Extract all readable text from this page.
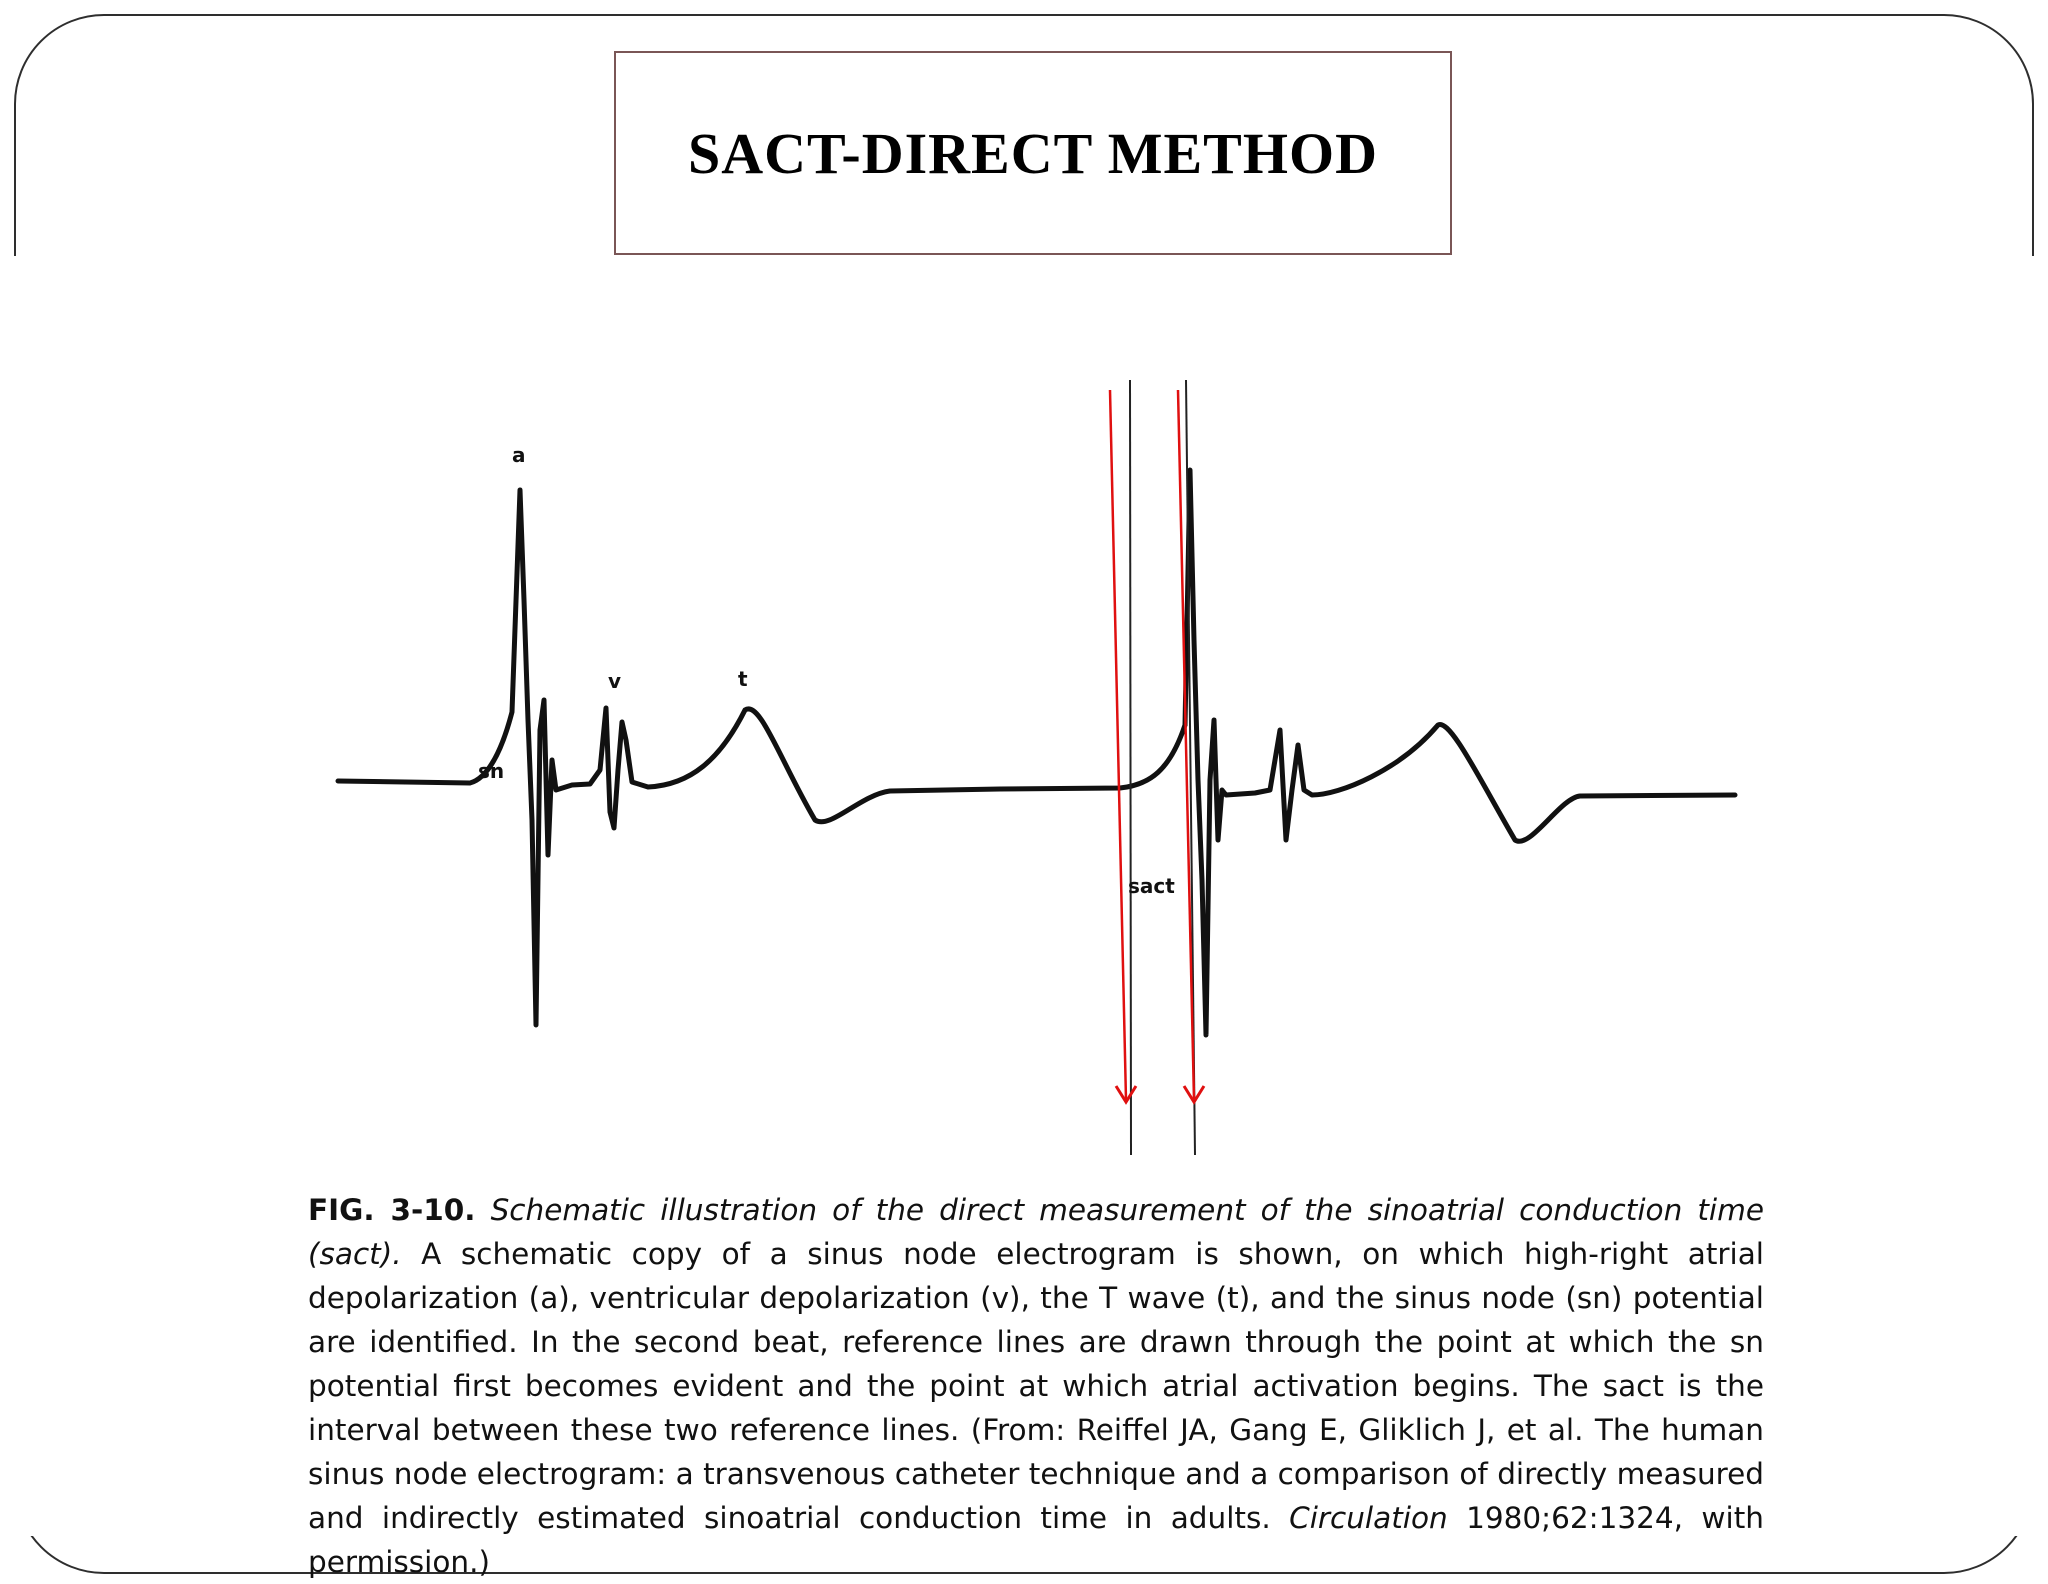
SACT-DIRECT METHOD
a
v	t
sn
sact
FIG. 3-10. Schematic illustration of the direct measurement of the sinoatrial conduction time (sact). A schematic copy of a sinus node electrogram is shown, on which high-right atrial depolarization (a), ventricular depolarization (v), the T wave (t), and the sinus node (sn) potential are identified. In the second beat, reference lines are drawn through the point at which the sn potential first becomes evident and the point at which atrial activation begins. The sact is the interval between these two reference lines. (From: Reiffel JA, Gang E, Gliklich J, et al. The human sinus node electrogram: a transvenous catheter technique and a comparison of directly measured and indirectly estimated sinoatrial conduction time in adults. Circulation 1980;62:1324, with permission.)
